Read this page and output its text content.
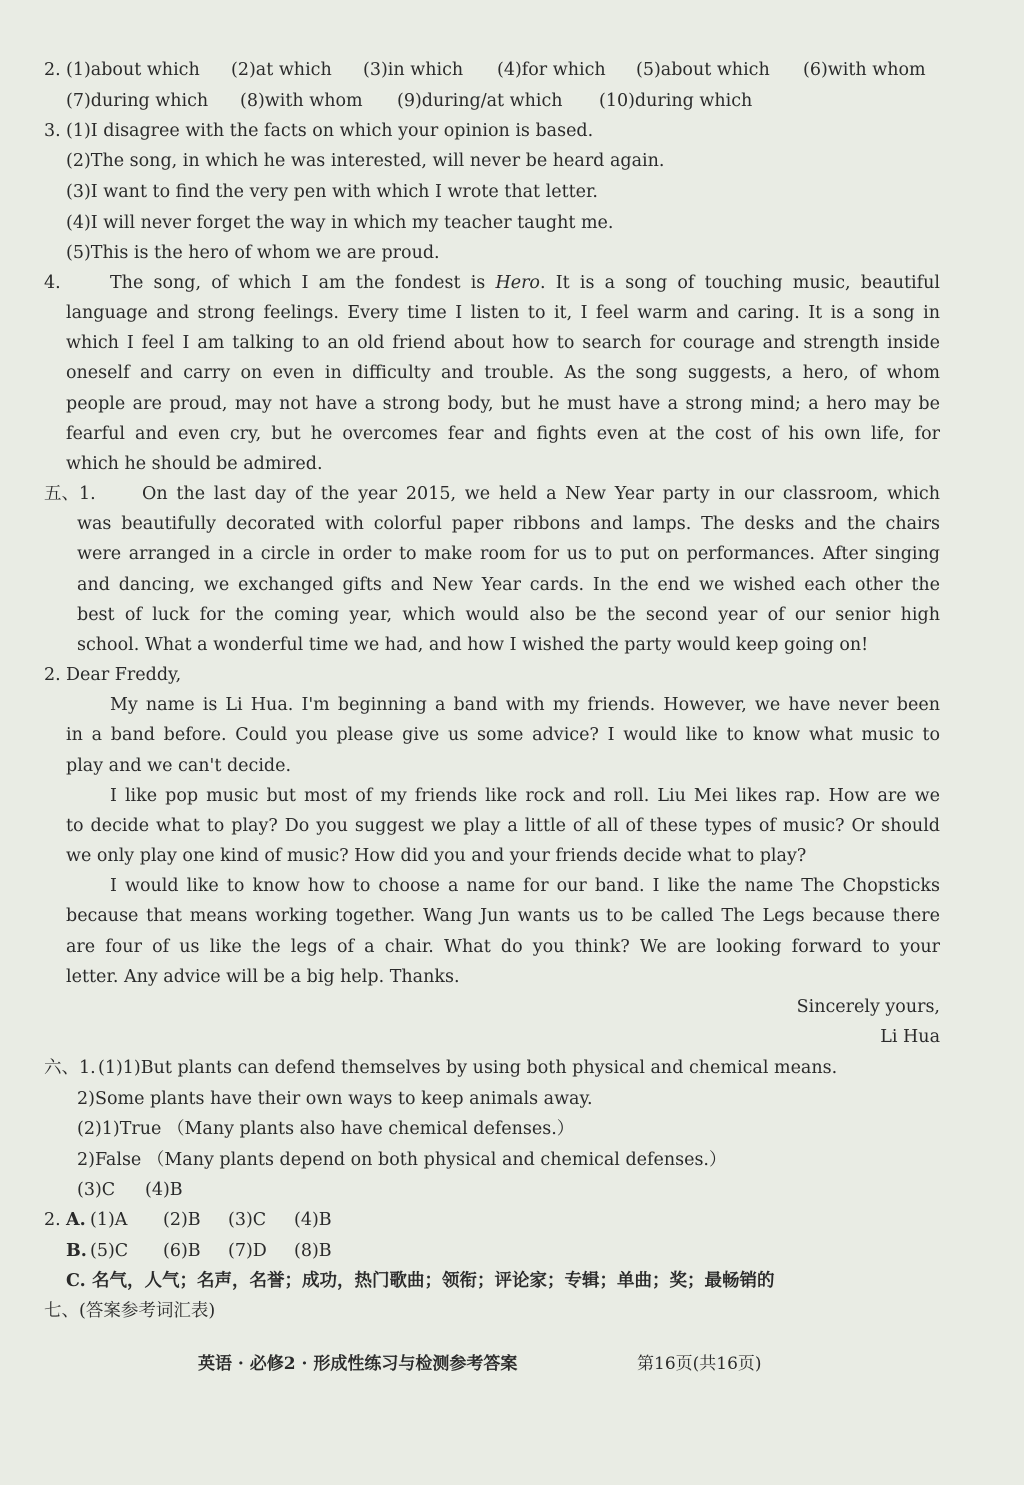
2. (1)about which (2)at which (3)in which (4)for which (5)about which (6)with whom
(7)during which (8)with whom (9)during/at which (10)during which
3. (1)I disagree with the facts on which your opinion is based.
(2)The song, in which he was interested, will never be heard again.
(3)I want to find the very pen with which I wrote that letter.
(4)I will never forget the way in which my teacher taught me.
(5)This is the hero of whom we are proud.
4.	The song, of which I am the fondest is Hero. It is a song of touching music, beautiful
language and strong feelings. Every time I listen to it, I feel warm and caring. It is a song in
which I feel I am talking to an old friend about how to search for courage and strength inside
oneself and carry on even in difficulty and trouble. As the song suggests, a hero, of whom
people are proud, may not have a strong body, but he must have a strong mind; a hero may be
fearful and even cry, but he overcomes fear and fights even at the cost of his own life, for
which he should be admired.
五、1.	On the last day of the year 2015, we held a New Year party in our classroom, which
was beautifully decorated with colorful paper ribbons and lamps. The desks and the chairs
were arranged in a circle in order to make room for us to put on performances. After singing
and dancing, we exchanged gifts and New Year cards. In the end we wished each other the
best of luck for the coming year, which would also be the second year of our senior high
school. What a wonderful time we had, and how I wished the party would keep going on!
2. Dear Freddy,
My name is Li Hua. I'm beginning a band with my friends. However, we have never been
in a band before. Could you please give us some advice? I would like to know what music to
play and we can't decide.
I like pop music but most of my friends like rock and roll. Liu Mei likes rap. How are we
to decide what to play? Do you suggest we play a little of all of these types of music? Or should
we only play one kind of music? How did you and your friends decide what to play?
I would like to know how to choose a name for our band. I like the name The Chopsticks
because that means working together. Wang Jun wants us to be called The Legs because there
are four of us like the legs of a chair. What do you think? We are looking forward to your
letter. Any advice will be a big help. Thanks.
Sincerely yours,
Li Hua
六、1. (1)1)But plants can defend themselves by using both physical and chemical means.
2)Some plants have their own ways to keep animals away.
(2)1)True （Many plants also have chemical defenses.）
2)False （Many plants depend on both physical and chemical defenses.）
(3)C (4)B
2. A. (1)A (2)B (3)C (4)B
B. (5)C (6)B (7)D (8)B
C. 名气，人气；名声，名誉；成功，热门歌曲；领衔；评论家；专辑；单曲；奖；最畅销的
七、(答案参考词汇表)
英语 · 必修2 · 形成性练习与检测参考答案	第16页(共16页)
